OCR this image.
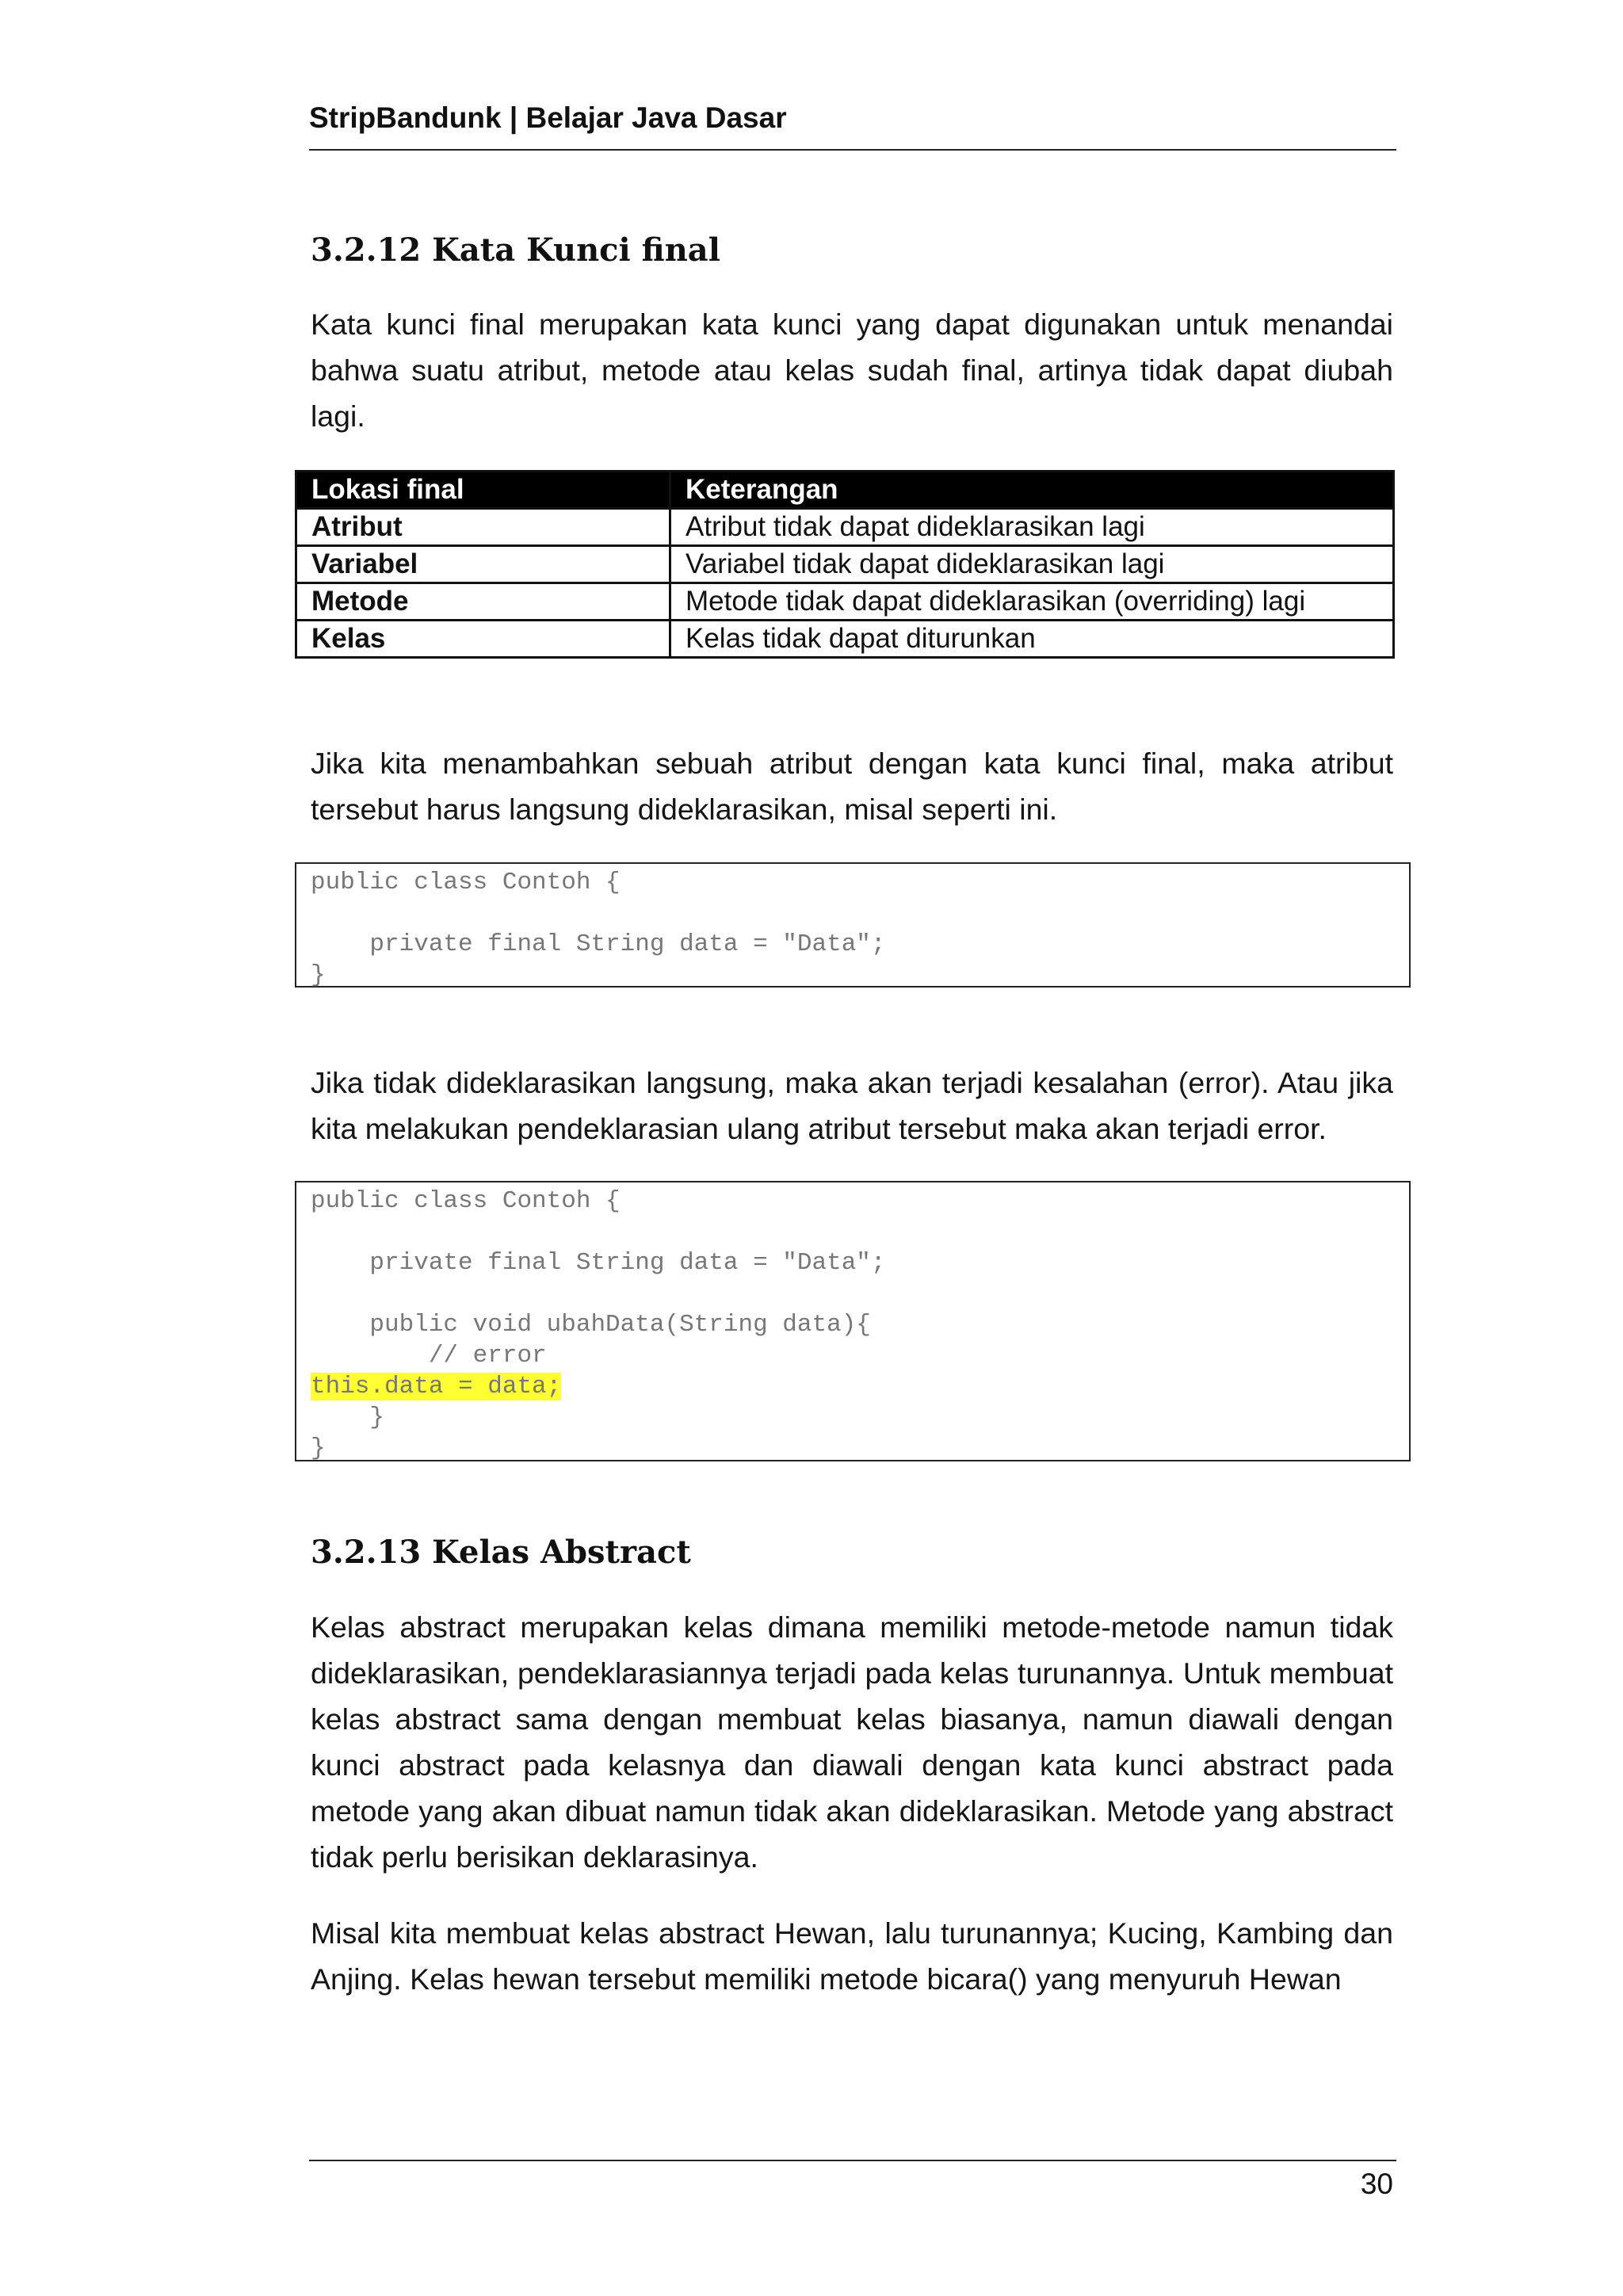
StripBandunk | Belajar Java Dasar
3.2.12 Kata Kunci final

Kata kunci final merupakan kata kunci yang dapat digunakan untuk menandai bahwa suatu atribut, metode atau kelas sudah final, artinya tidak dapat diubah lagi.

Lokasi final	Keterangan
Atribut	Atribut tidak dapat dideklarasikan lagi
Variabel	Variabel tidak dapat dideklarasikan lagi
Metode	Metode tidak dapat dideklarasikan (overriding) lagi
Kelas	Kelas tidak dapat diturunkan

Jika kita menambahkan sebuah atribut dengan kata kunci final, maka atribut tersebut harus langsung dideklarasikan, misal seperti ini.

public class Contoh {

private final String data = "Data";
}

Jika tidak dideklarasikan langsung, maka akan terjadi kesalahan (error). Atau jika kita melakukan pendeklarasian ulang atribut tersebut maka akan terjadi error.

public class Contoh {

private final String data = "Data";

public void ubahData(String data){
// error
this.data = data;
}
}
3.2.13 Kelas Abstract

Kelas abstract merupakan kelas dimana memiliki metode-metode namun tidak dideklarasikan, pendeklarasiannya terjadi pada kelas turunannya. Untuk membuat kelas abstract sama dengan membuat kelas biasanya, namun diawali dengan kunci abstract pada kelasnya dan diawali dengan kata kunci abstract pada metode yang akan dibuat namun tidak akan dideklarasikan. Metode yang abstract tidak perlu berisikan deklarasinya.

Misal kita membuat kelas abstract Hewan, lalu turunannya; Kucing, Kambing dan Anjing. Kelas hewan tersebut memiliki metode bicara() yang menyuruh Hewan

30
